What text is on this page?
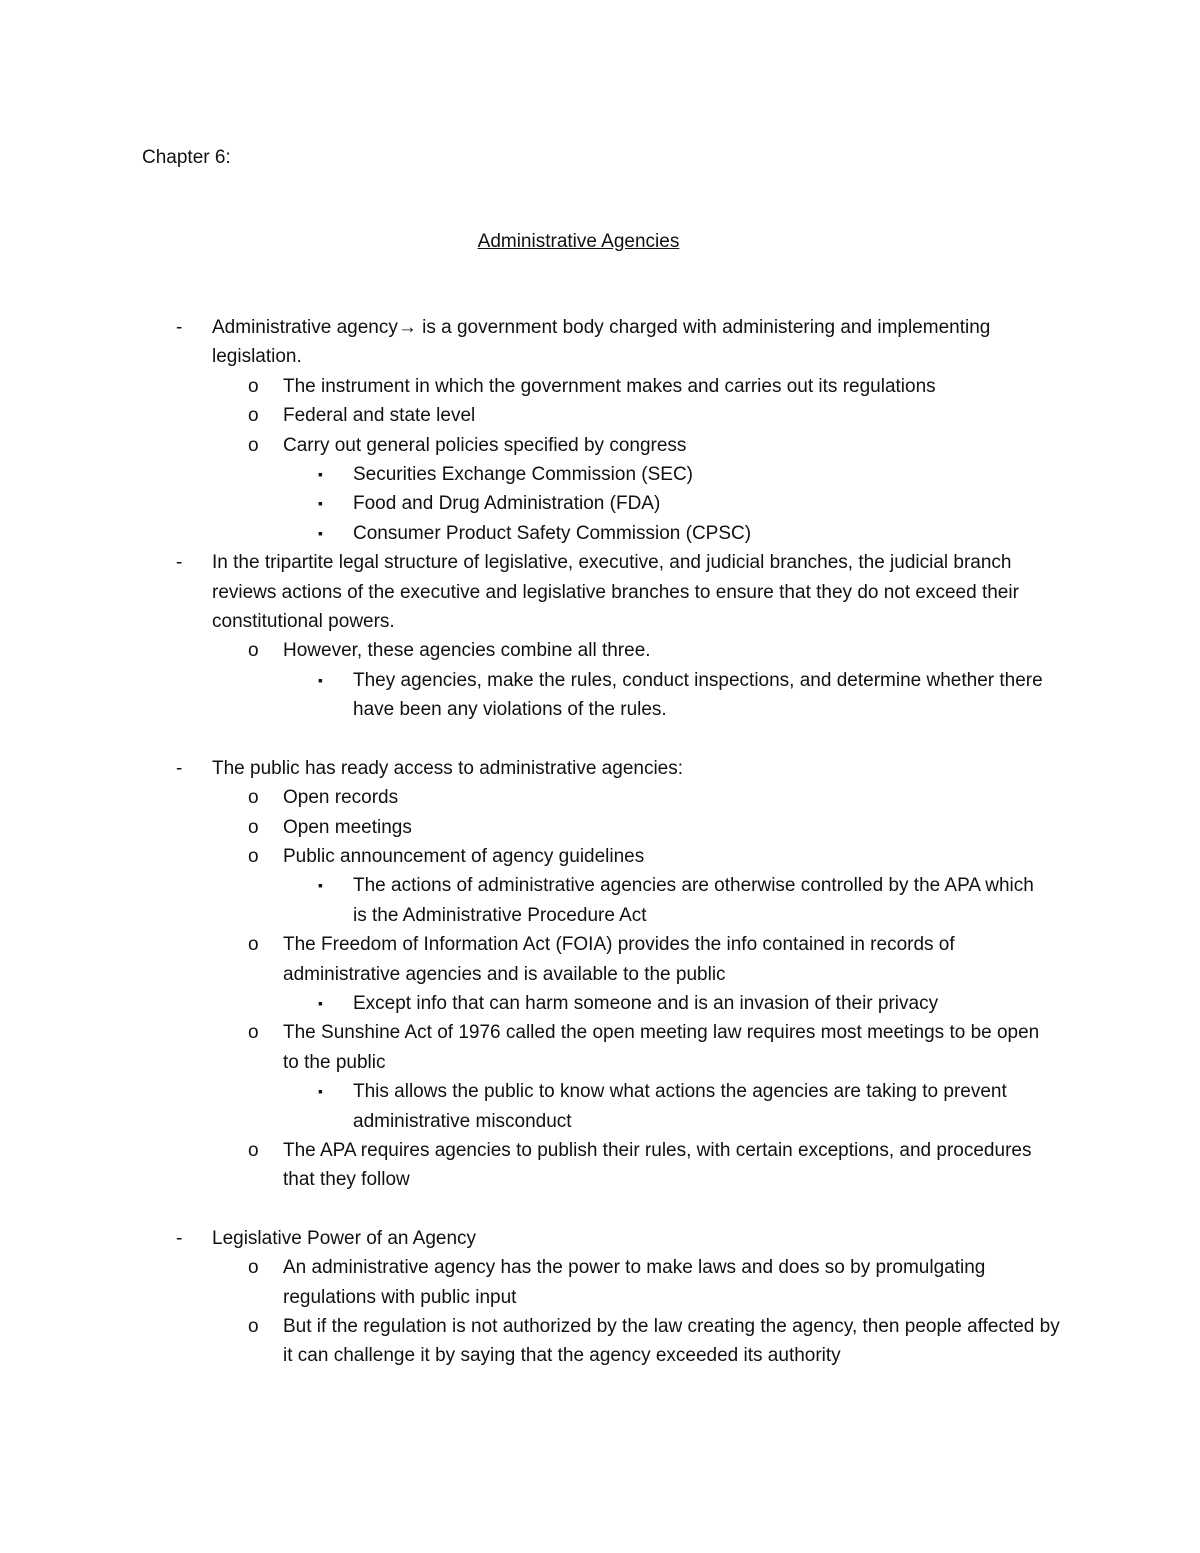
Chapter 6:

Administrative Agencies

- Administrative agency→ is a government body charged with administering and implementing legislation.

o The instrument in which the government makes and carries out its regulations

o Federal and state level

o Carry out general policies specified by congress

▪ Securities Exchange Commission (SEC)

▪ Food and Drug Administration (FDA)

▪ Consumer Product Safety Commission (CPSC)

- In the tripartite legal structure of legislative, executive, and judicial branches, the judicial branch reviews actions of the executive and legislative branches to ensure that they do not exceed their constitutional powers.

o However, these agencies combine all three.

▪ They agencies, make the rules, conduct inspections, and determine whether there have been any violations of the rules.

- The public has ready access to administrative agencies:

o Open records

o Open meetings

o Public announcement of agency guidelines

▪ The actions of administrative agencies are otherwise controlled by the APA which is the Administrative Procedure Act

o The Freedom of Information Act (FOIA) provides the info contained in records of administrative agencies and is available to the public

▪ Except info that can harm someone and is an invasion of their privacy

o The Sunshine Act of 1976 called the open meeting law requires most meetings to be open to the public

▪ This allows the public to know what actions the agencies are taking to prevent administrative misconduct

o The APA requires agencies to publish their rules, with certain exceptions, and procedures that they follow

- Legislative Power of an Agency

o An administrative agency has the power to make laws and does so by promulgating regulations with public input

o But if the regulation is not authorized by the law creating the agency, then people affected by it can challenge it by saying that the agency exceeded its authority
